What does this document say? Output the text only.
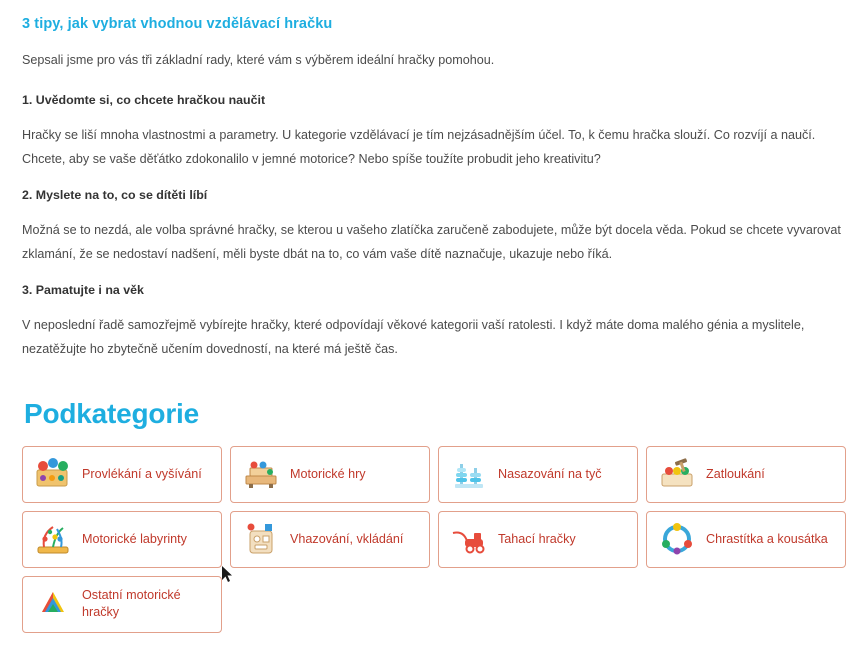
3 tipy, jak vybrat vhodnou vzdělávací hračku

Sepsali jsme pro vás tři základní rady, které vám s výběrem ideální hračky pomohou.

1. Uvědomte si, co chcete hračkou naučit

Hračky se liší mnoha vlastnostmi a parametry. U kategorie vzdělávací je tím nejzásadnějším účel. To, k čemu hračka slouží. Co rozvíjí a naučí. Chcete, aby se vaše děťátko zdokonalilo v jemné motorice? Nebo spíše toužíte probudit jeho kreativitu?

2. Myslete na to, co se dítěti líbí

Možná se to nezdá, ale volba správné hračky, se kterou u vašeho zlatíčka zaručeně zabodujete, může být docela věda. Pokud se chcete vyvarovat zklamání, že se nedostaví nadšení, měli byste dbát na to, co vám vaše dítě naznačuje, ukazuje nebo říká.

3. Pamatujte i na věk

V neposlední řadě samozřejmě vybírejte hračky, které odpovídají věkové kategorii vaší ratolesti. I když máte doma malého génia a myslitele, nezatěžujte ho zbytečně učením dovedností, na které má ještě čas.

Podkategorie
Provlékání a vyšívání	Motorické hry	Nasazování na tyč	Zatloukání
Motorické labyrinty	Vhazování, vkládání	Tahací hračky	Chrastítka a kousátka
Ostatní motorické hračky
